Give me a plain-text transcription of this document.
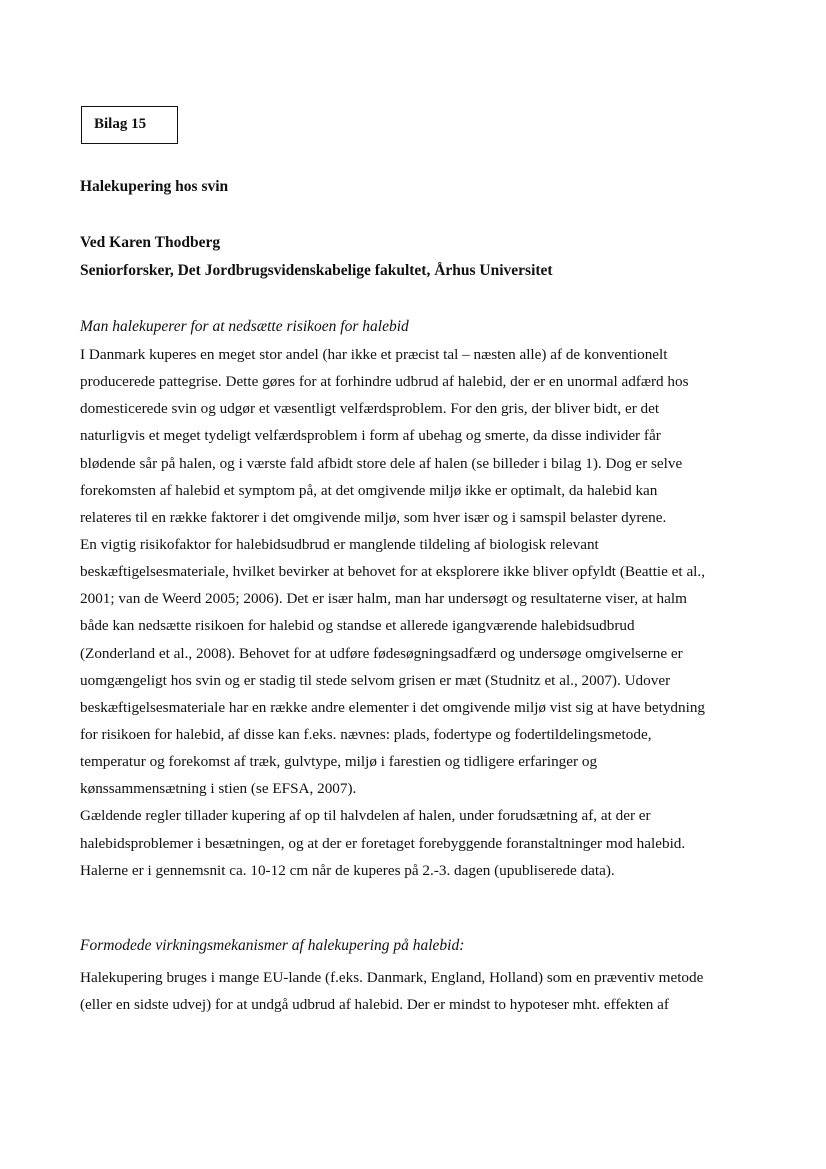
Bilag 15
Halekupering hos svin
Ved Karen Thodberg
Seniorforsker, Det Jordbrugsvidenskabelige fakultet, Århus Universitet
Man halekuperer for at nedsætte risikoen for halebid
I Danmark kuperes en meget stor andel (har ikke et præcist tal – næsten alle) af de konventionelt
producerede pattegrise. Dette gøres for at forhindre udbrud af halebid, der er en unormal adfærd hos
domesticerede svin og udgør et væsentligt velfærdsproblem. For den gris, der bliver bidt, er det
naturligvis et meget tydeligt velfærdsproblem i form af ubehag og smerte, da disse individer får
blødende sår på halen, og i værste fald afbidt store dele af halen (se billeder i bilag 1). Dog er selve
forekomsten af halebid et symptom på, at det omgivende miljø ikke er optimalt, da halebid kan
relateres til en række faktorer i det omgivende miljø, som hver især og i samspil belaster dyrene.
En vigtig risikofaktor for halebidsudbrud er manglende tildeling af biologisk relevant
beskæftigelsesmateriale, hvilket bevirker at behovet for at eksplorere ikke bliver opfyldt (Beattie et al.,
2001; van de Weerd 2005; 2006). Det er især halm, man har undersøgt og resultaterne viser, at halm
både kan nedsætte risikoen for halebid og standse et allerede igangværende halebidsudbrud
(Zonderland et al., 2008). Behovet for at udføre fødesøgningsadfærd og undersøge omgivelserne er
uomgængeligt hos svin og er stadig til stede selvom grisen er mæt (Studnitz et al., 2007). Udover
beskæftigelsesmateriale har en række andre elementer i det omgivende miljø vist sig at have betydning
for risikoen for halebid, af disse kan f.eks. nævnes: plads, fodertype og fodertildelingsmetode,
temperatur og forekomst af træk, gulvtype, miljø i farestien og tidligere erfaringer og
kønssammensætning i stien (se EFSA, 2007).
Gældende regler tillader kupering af op til halvdelen af halen, under forudsætning af, at der er
halebidsproblemer i besætningen, og at der er foretaget forebyggende foranstaltninger mod halebid.
Halerne er i gennemsnit ca. 10-12 cm når de kuperes på 2.-3. dagen (upubliserede data).
Formodede virkningsmekanismer af halekupering på halebid:
Halekupering bruges i mange EU-lande (f.eks. Danmark, England, Holland) som en præventiv metode
(eller en sidste udvej) for at undgå udbrud af halebid. Der er mindst to hypoteser mht. effekten af
